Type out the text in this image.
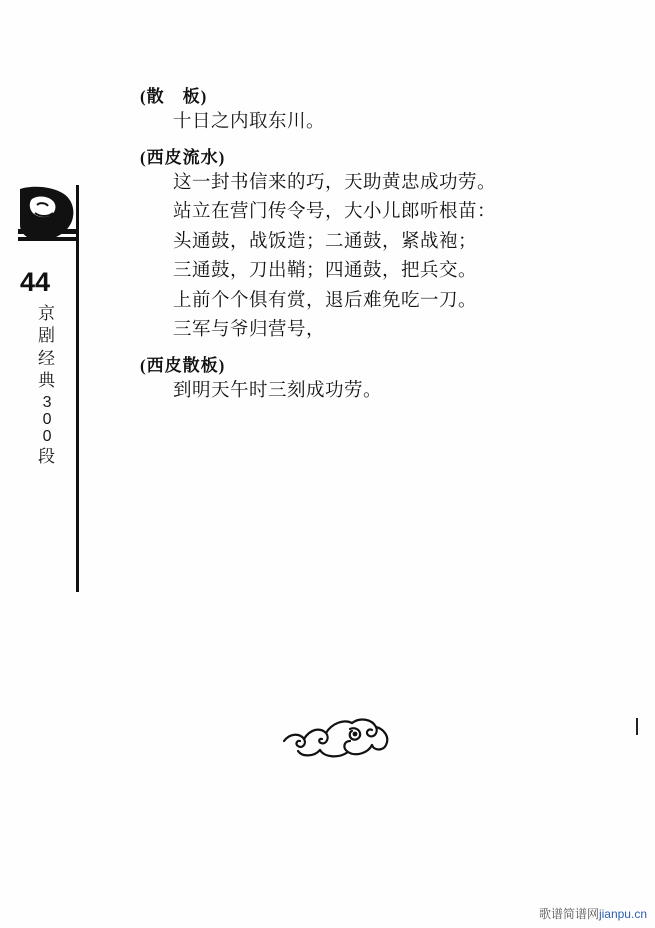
44
京
剧
经
典
300
段
(散　板)
十日之内取东川。
(西皮流水)
这一封书信来的巧，天助黄忠成功劳。
站立在营门传令号，大小儿郎听根苗：
头通鼓，战饭造；二通鼓，紧战袍；
三通鼓，刀出鞘；四通鼓，把兵交。
上前个个俱有赏，退后难免吃一刀。
三军与爷归营号，
(西皮散板)
到明天午时三刻成功劳。
歌谱简谱网jianpu.cn
